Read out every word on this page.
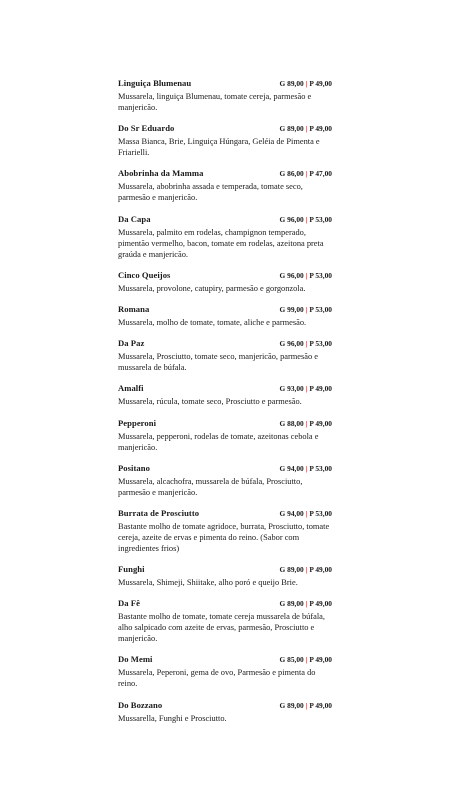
Linguiça Blumenau	G 89,00 | P 49,00
Mussarela, linguiça Blumenau, tomate cereja, parmesão e manjericão.
Do Sr Eduardo	G 89,00 | P 49,00
Massa Bianca, Brie, Linguiça Húngara, Geléia de Pimenta e Friarielli.
Abobrinha da Mamma	G 86,00 | P 47,00
Mussarela, abobrinha assada e temperada, tomate seco, parmesão e manjericão.
Da Capa	G 96,00 | P 53,00
Mussarela, palmito em rodelas, champignon temperado, pimentão vermelho, bacon, tomate em rodelas, azeitona preta graúda e manjericão.
Cinco Queijos	G 96,00 | P 53,00
Mussarela, provolone, catupiry, parmesão e gorgonzola.
Romana	G 99,00 | P 53,00
Mussarela, molho de tomate, tomate, aliche e parmesão.
Da Paz	G 96,00 | P 53,00
Mussarela, Prosciutto, tomate seco, manjericão, parmesão e mussarela de búfala.
Amalfi	G 93,00 | P 49,00
Mussarela, rúcula, tomate seco, Prosciutto e parmesão.
Pepperoni	G 88,00 | P 49,00
Mussarela, pepperoni, rodelas de tomate, azeitonas cebola e manjericão.
Positano	G 94,00 | P 53,00
Mussarela, alcachofra, mussarela de búfala, Prosciutto, parmesão e manjericão.
Burrata de Prosciutto	G 94,00 | P 53,00
Bastante molho de tomate agridoce, burrata, Prosciutto, tomate cereja, azeite de ervas e pimenta do reino. (Sabor com ingredientes frios)
Funghi	G 89,00 | P 49,00
Mussarela, Shimeji, Shiitake, alho poró e queijo Brie.
Da Fê	G 89,00 | P 49,00
Bastante molho de tomate, tomate cereja mussarela de búfala, alho salpicado com azeite de ervas, parmesão, Prosciutto e manjericão.
Do Memi	G 85,00 | P 49,00
Mussarela, Peperoni, gema de ovo, Parmesão e pimenta do reino.
Do Bozzano	G 89,00 | P 49,00
Mussarella, Funghi e Prosciutto.
